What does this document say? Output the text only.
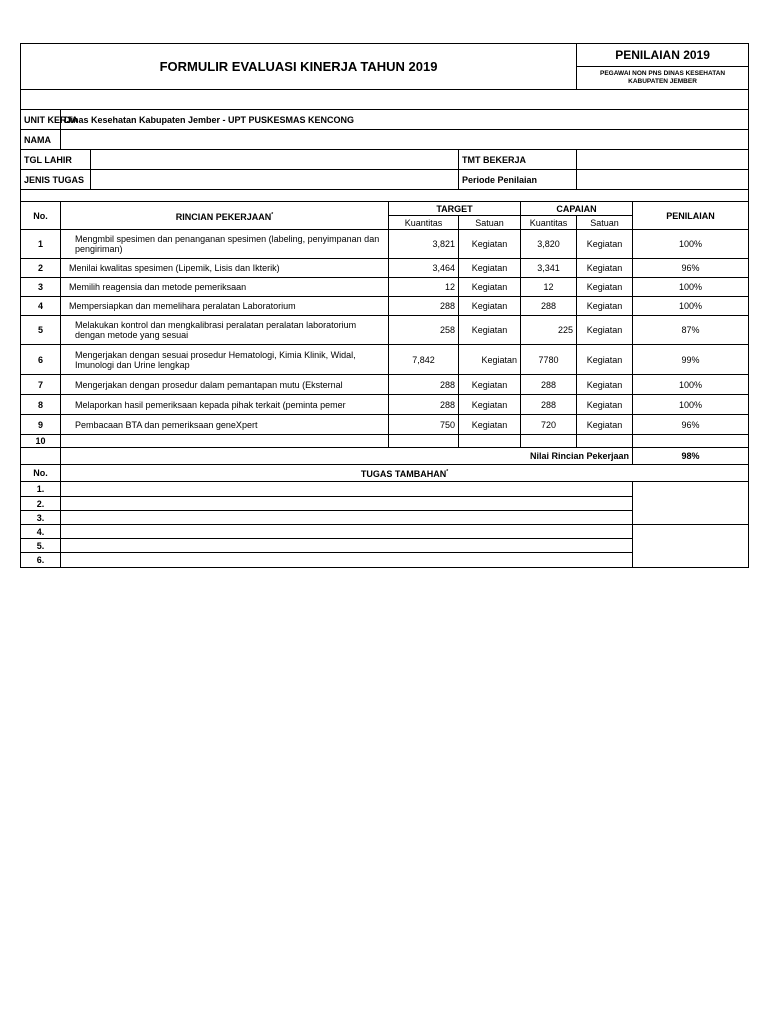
FORMULIR EVALUASI KINERJA TAHUN 2019						PENILAIAN 2019	
						PEGAWAI NON PNS DINAS KESEHATAN KABUPATEN JEMBER	

UNIT KERJA	Dinas Kesehatan Kabupaten Jember - UPT PUSKESMAS KENCONG						
NAMA							
TGL LAHIR				TMT BEKERJA			
JENIS TUGAS				Periode Penilaian			

No.	RINCIAN PEKERJAAN*		TARGET		CAPAIAN		PENILAIAN
			Kuantitas	Satuan	Kuantitas	Satuan	
1	Mengmbil spesimen dan penanganan spesimen (labeling, penyimpanan dan pengiriman)		3,821	Kegiatan	3,820	Kegiatan	100%
2	Menilai kwalitas spesimen (Lipemik, Lisis dan Ikterik)		3,464	Kegiatan	3,341	Kegiatan	96%
3	Memilih reagensia dan metode pemeriksaan		12	Kegiatan	12	Kegiatan	100%
4	Mempersiapkan dan memelihara peralatan Laboratorium		288	Kegiatan	288	Kegiatan	100%
5	Melakukan kontrol dan mengkalibrasi peralatan peralatan laboratorium dengan metode yang sesuai		258	Kegiatan	225	Kegiatan	87%
6	Mengerjakan dengan sesuai prosedur Hematologi, Kimia Klinik, Widal, Imunologi dan Urine lengkap		7,842	Kegiatan	7780	Kegiatan	99%
7	Mengerjakan dengan prosedur dalam pemantapan mutu (Eksternal		288	Kegiatan	288	Kegiatan	100%
8	Melaporkan hasil pemeriksaan kepada pihak terkait (peminta pemer		288	Kegiatan	288	Kegiatan	100%
9	Pembacaan BTA dan pemeriksaan geneXpert		750	Kegiatan	720	Kegiatan	96%
10							
	Nilai Rincian Pekerjaan						98%
No.	TUGAS TAMBAHAN*
1.							
2.							
3.							
4.							
5.							
6.							
